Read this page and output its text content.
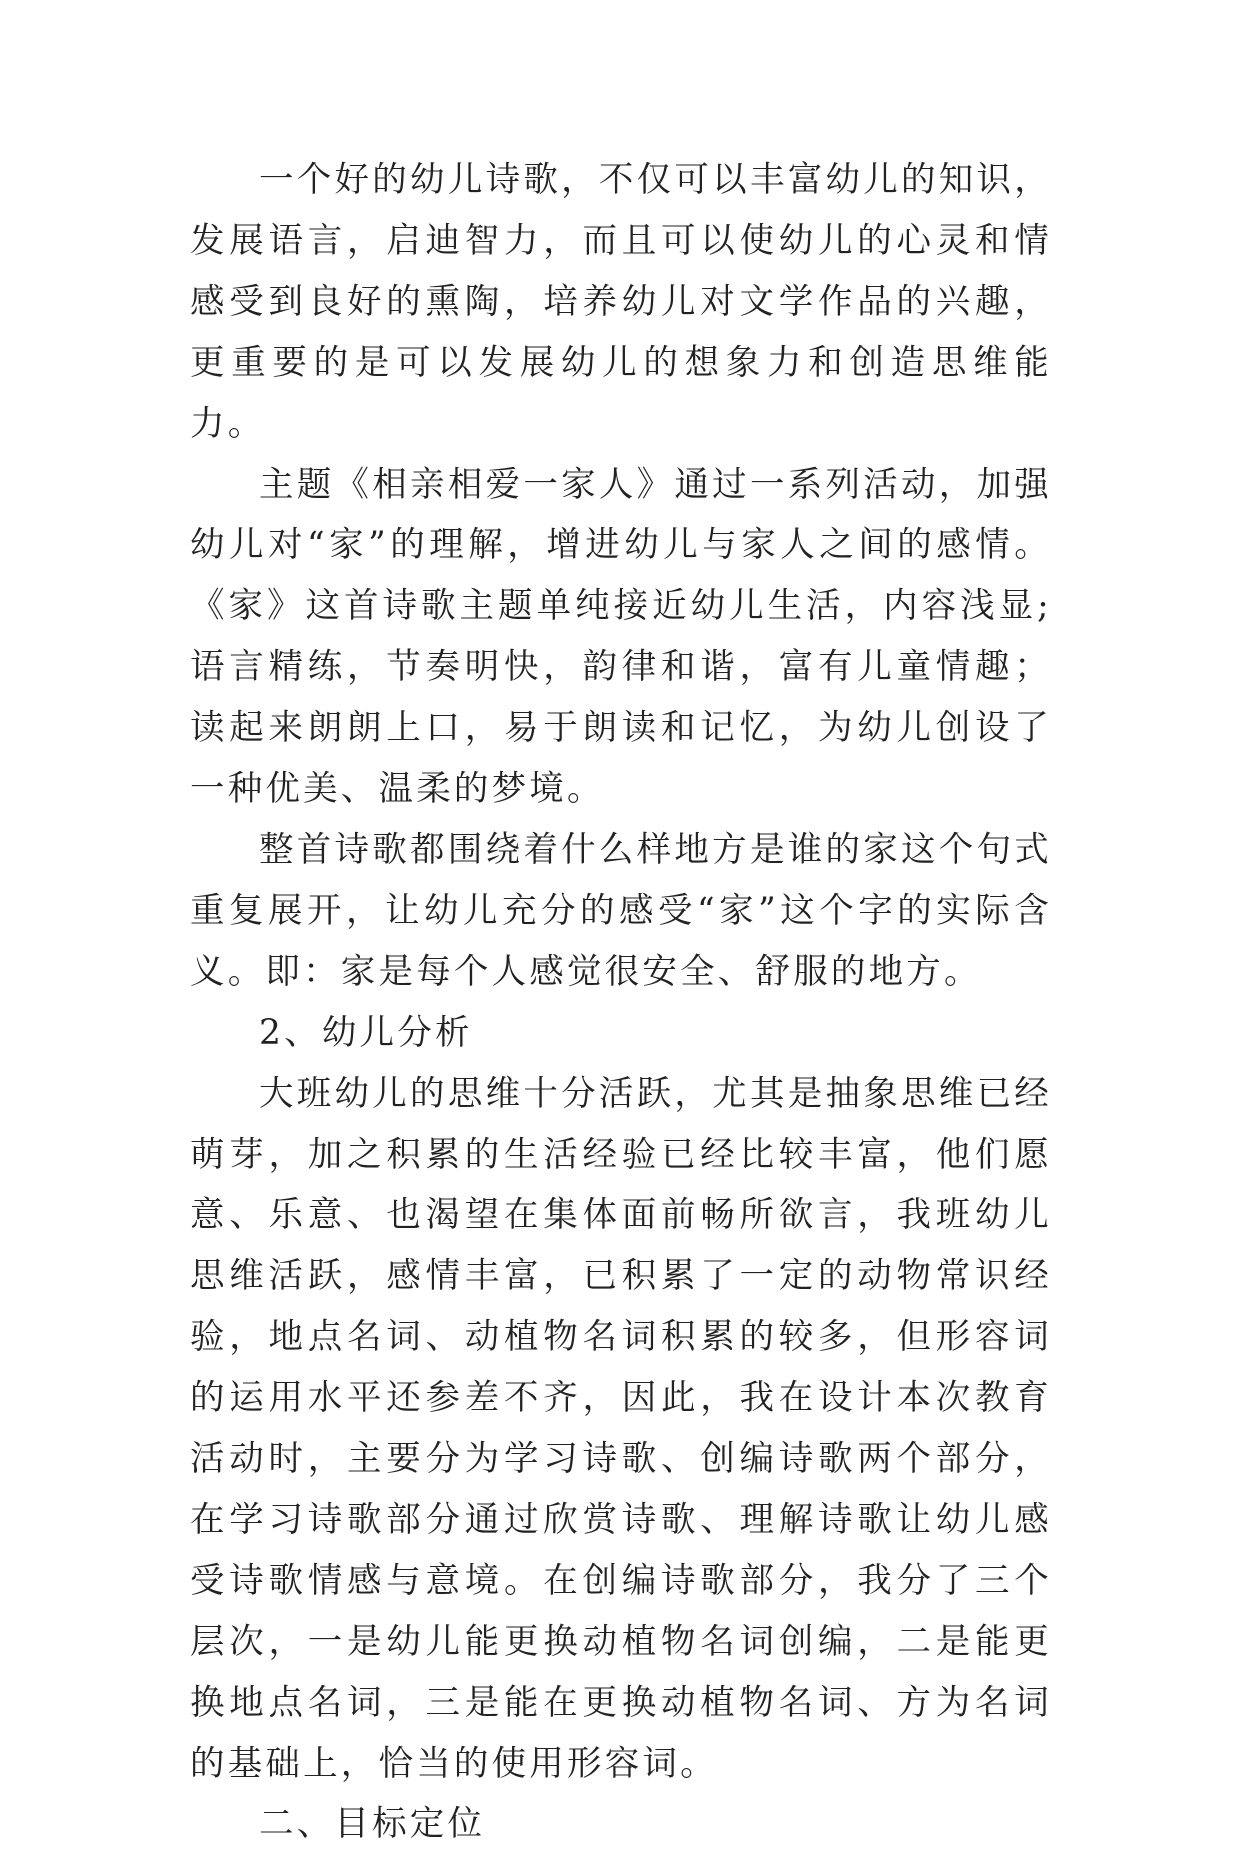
一个好的幼儿诗歌，不仅可以丰富幼儿的知识，发展语言，启迪智力，而且可以使幼儿的心灵和情感受到良好的熏陶，培养幼儿对文学作品的兴趣，更重要的是可以发展幼儿的想象力和创造思维能力。

主题《相亲相爱一家人》通过一系列活动，加强幼儿对“家”的理解，增进幼儿与家人之间的感情。《家》这首诗歌主题单纯接近幼儿生活，内容浅显;语言精练，节奏明快，韵律和谐，富有儿童情趣；读起来朗朗上口，易于朗读和记忆，为幼儿创设了一种优美、温柔的梦境。

整首诗歌都围绕着什么样地方是谁的家这个句式重复展开，让幼儿充分的感受“家”这个字的实际含义。即：家是每个人感觉很安全、舒服的地方。

2、幼儿分析

大班幼儿的思维十分活跃，尤其是抽象思维已经萌芽，加之积累的生活经验已经比较丰富，他们愿意、乐意、也渴望在集体面前畅所欲言，我班幼儿思维活跃，感情丰富，已积累了一定的动物常识经验，地点名词、动植物名词积累的较多，但形容词的运用水平还参差不齐，因此，我在设计本次教育活动时，主要分为学习诗歌、创编诗歌两个部分，在学习诗歌部分通过欣赏诗歌、理解诗歌让幼儿感受诗歌情感与意境。在创编诗歌部分，我分了三个层次，一是幼儿能更换动植物名词创编，二是能更换地点名词，三是能在更换动植物名词、方为名词的基础上，恰当的使用形容词。

二、目标定位
